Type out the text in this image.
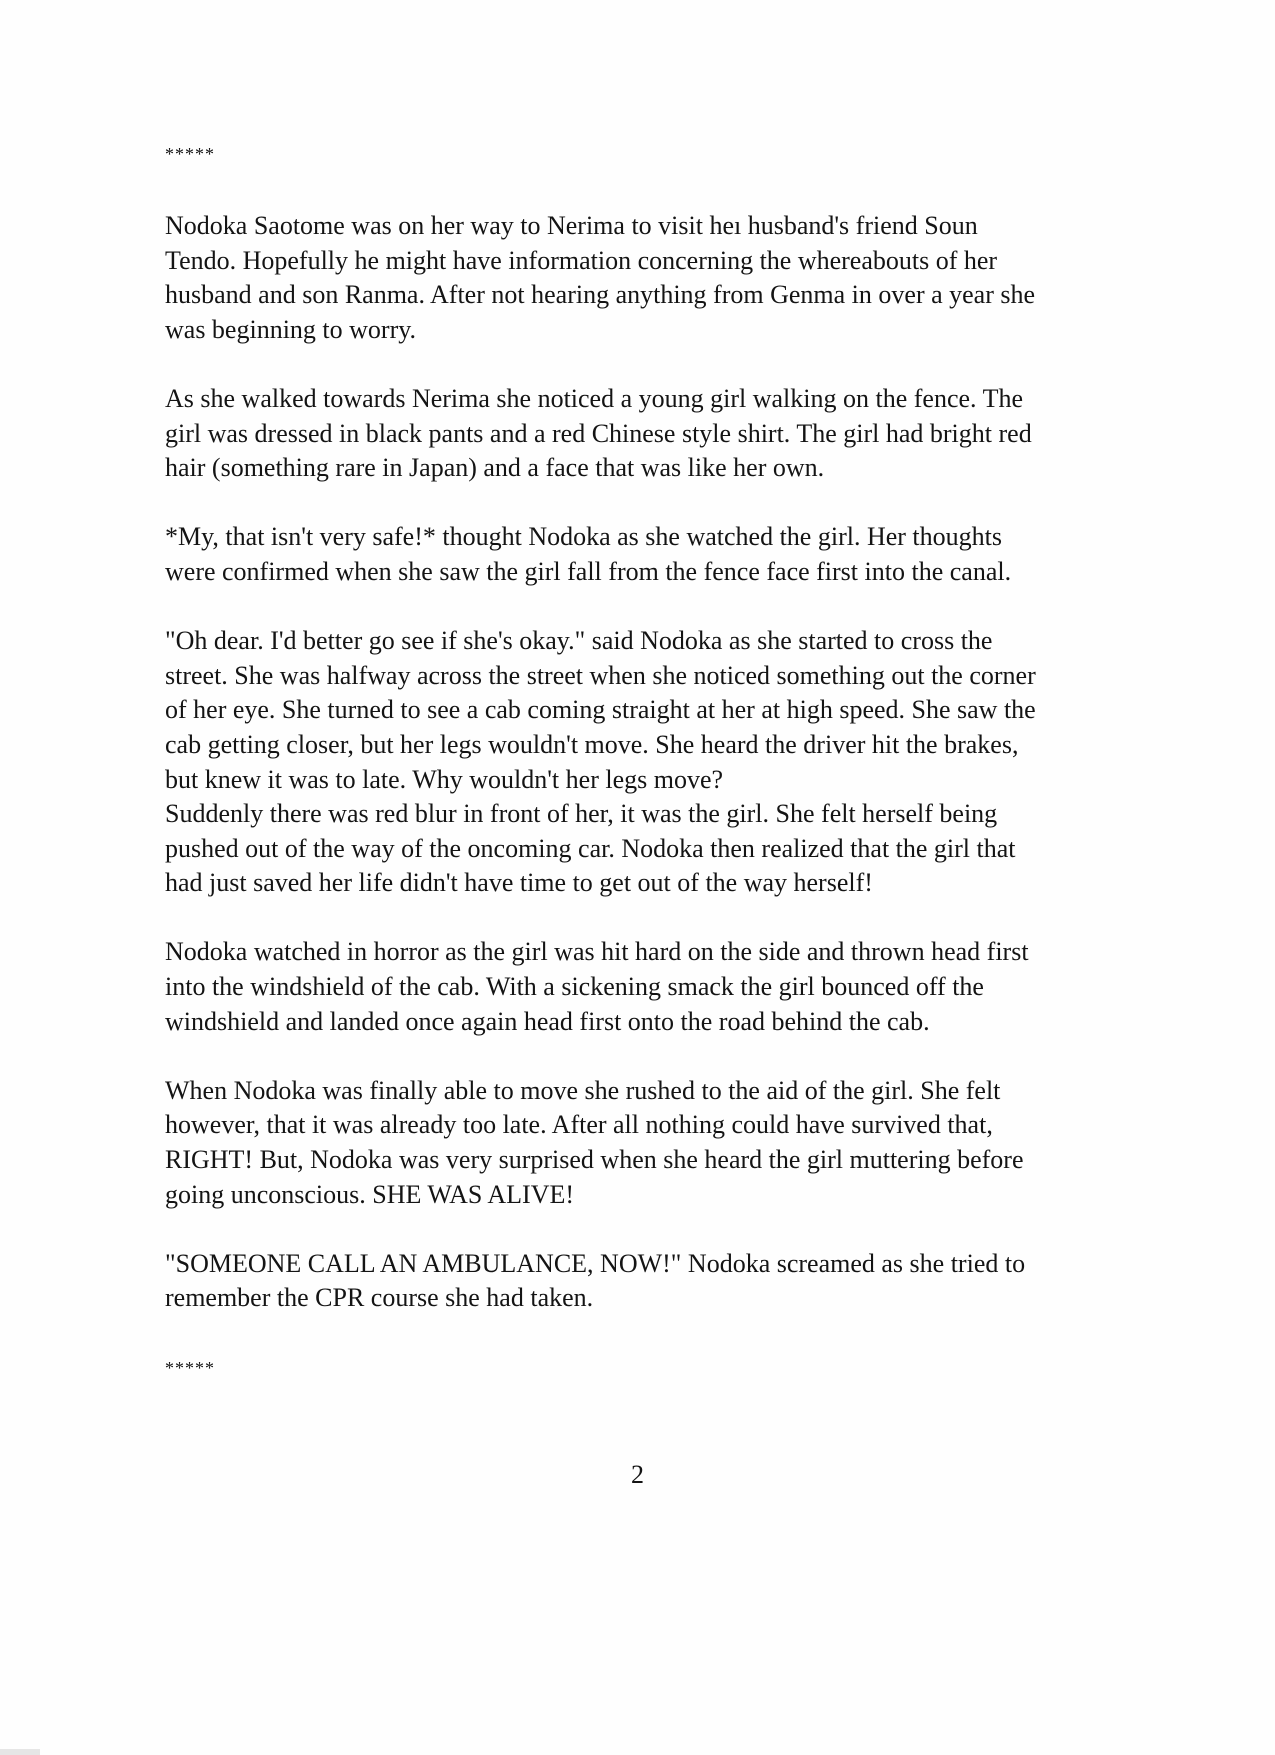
*****

Nodoka Saotome was on her way to Nerima to visit heı husband's friend Soun
Tendo. Hopefully he might have information concerning the whereabouts of her
husband and son Ranma. After not hearing anything from Genma in over a year she
was beginning to worry.

As she walked towards Nerima she noticed a young girl walking on the fence. The
girl was dressed in black pants and a red Chinese style shirt. The girl had bright red
hair (something rare in Japan) and a face that was like her own.

*My, that isn't very safe!* thought Nodoka as she watched the girl. Her thoughts
were confirmed when she saw the girl fall from the fence face first into the canal.

"Oh dear. I'd better go see if she's okay." said Nodoka as she started to cross the
street. She was halfway across the street when she noticed something out the corner
of her eye. She turned to see a cab coming straight at her at high speed. She saw the
cab getting closer, but her legs wouldn't move. She heard the driver hit the brakes,
but knew it was to late. Why wouldn't her legs move?

Suddenly there was red blur in front of her, it was the girl. She felt herself being
pushed out of the way of the oncoming car. Nodoka then realized that the girl that
had just saved her life didn't have time to get out of the way herself!

Nodoka watched in horror as the girl was hit hard on the side and thrown head first
into the windshield of the cab. With a sickening smack the girl bounced off the
windshield and landed once again head first onto the road behind the cab.

When Nodoka was finally able to move she rushed to the aid of the girl. She felt
however, that it was already too late. After all nothing could have survived that,
RIGHT! But, Nodoka was very surprised when she heard the girl muttering before
going unconscious. SHE WAS ALIVE!

"SOMEONE CALL AN AMBULANCE, NOW!" Nodoka screamed as she tried to
remember the CPR course she had taken.

*****
2
